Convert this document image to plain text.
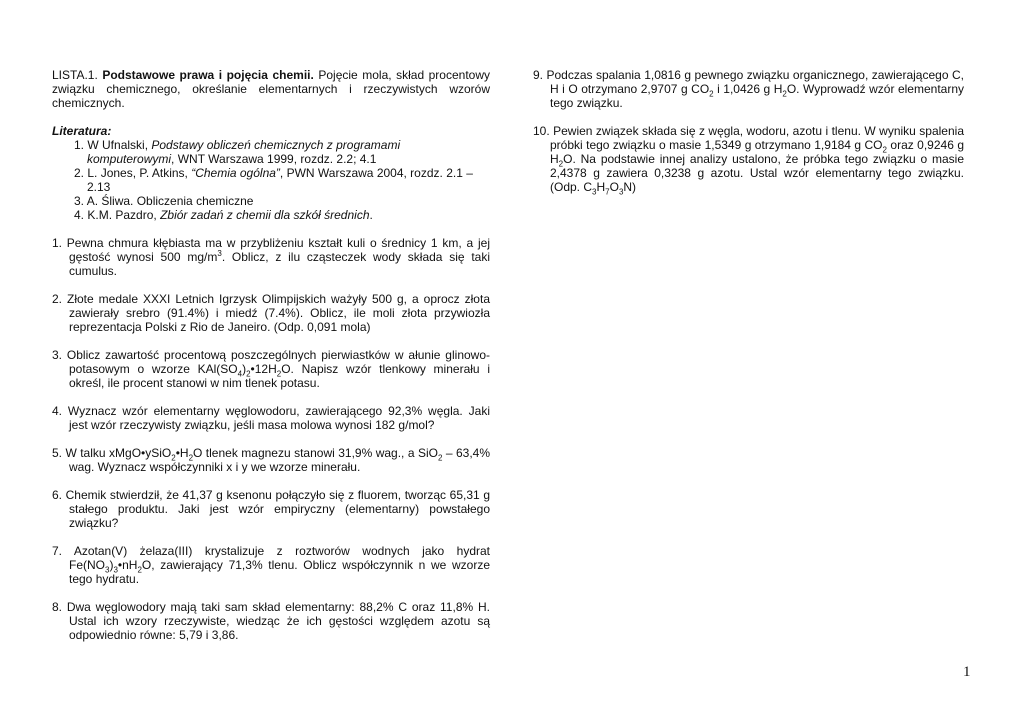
LISTA.1. Podstawowe prawa i pojęcia chemii. Pojęcie mola, skład procentowy związku chemicznego, określanie elementarnych i rzeczywistych wzorów chemicznych.

Literatura:

1. W Ufnalski, Podstawy obliczeń chemicznych z programami komputerowymi, WNT Warszawa 1999, rozdz. 2.2; 4.1
2. L. Jones, P. Atkins, “Chemia ogólna”, PWN Warszawa 2004, rozdz. 2.1 – 2.13
3. A. Śliwa. Obliczenia chemiczne
4. K.M. Pazdro, Zbiór zadań z chemii dla szkół średnich.

1. Pewna chmura kłębiasta ma w przybliżeniu kształt kuli o średnicy 1 km, a jej gęstość wynosi 500 $mg/m^3$. Oblicz, z ilu cząsteczek wody składa się taki cumulus.

2. Złote medale XXXI Letnich Igrzysk Olimpijskich ważyły 500 g, a oprocz złota zawierały srebro (91.4%) i miedź (7.4%). Oblicz, ile moli złota przywiozła reprezentacja Polski z Rio de Janeiro. (Odp. 0,091 mola)

3. Oblicz zawartość procentową poszczególnych pierwiastków w ałunie glinowo-potasowym o wzorze $KAl(SO_4)_2•12H_2O$. Napisz wzór tlenkowy minerału i określ, ile procent stanowi w nim tlenek potasu.

4. Wyznacz wzór elementarny węglowodoru, zawierającego 92,3% węgla. Jaki jest wzór rzeczywisty związku, jeśli masa molowa wynosi 182 g/mol?

5. W talku $xMgO•ySiO_2•H_2O$ tlenek magnezu stanowi 31,9% wag., a SiO$_2$ – 63,4% wag. Wyznacz współczynniki x i y we wzorze minerału.

6. Chemik stwierdził, że 41,37 g ksenonu połączyło się z fluorem, tworząc 65,31 g stałego produktu. Jaki jest wzór empiryczny (elementarny) powstałego związku?

7. Azotan(V) żelaza(III) krystalizuje z roztworów wodnych jako hydrat $Fe(NO_3)_3•nH_2O$, zawierający 71,3% tlenu. Oblicz współczynnik n we wzorze tego hydratu.

8. Dwa węglowodory mają taki sam skład elementarny: 88,2% C oraz 11,8% H. Ustal ich wzory rzeczywiste, wiedząc że ich gęstości względem azotu są odpowiednio równe: 5,79 i 3,86.

9. Podczas spalania 1,0816 g pewnego związku organicznego, zawierającego C, H i O otrzymano 2,9707 g $CO_2$ i 1,0426 g $H_2O$. Wyprowadź wzór elementarny tego związku.

10. Pewien związek składa się z węgla, wodoru, azotu i tlenu. W wyniku spalenia próbki tego związku o masie 1,5349 g otrzymano 1,9184 g $CO_2$ oraz 0,9246 g $H_2O$. Na podstawie innej analizy ustalono, że próbka tego związku o masie 2,4378 g zawiera 0,3238 g azotu. Ustal wzór elementarny tego związku. (Odp. $C_3H_7O_3N$)

1
